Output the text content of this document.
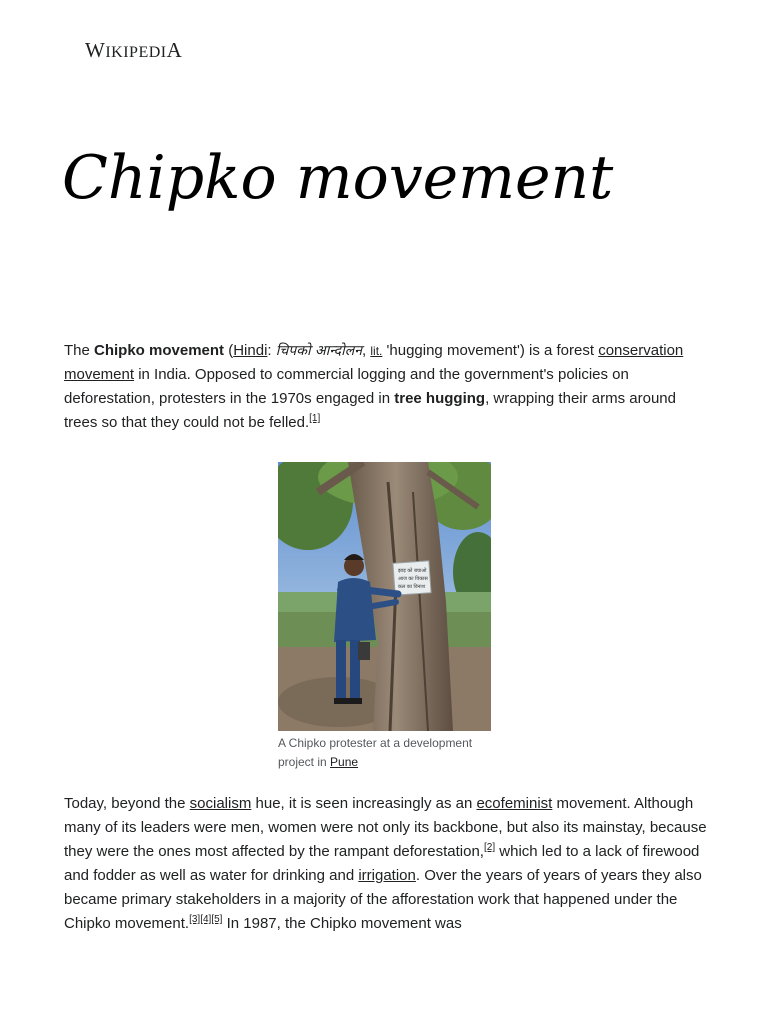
WIKIPEDIA
Chipko movement

The Chipko movement (Hindi: चिपको आन्दोलन, lit. 'hugging movement') is a forest conservation movement in India. Opposed to commercial logging and the government's policies on deforestation, protesters in the 1970s engaged in tree hugging, wrapping their arms around trees so that they could not be felled.[1]

झाड़ को बचाओ
आज का विकास
कल का विनाश
A Chipko protester at a development project in Pune

Today, beyond the socialism hue, it is seen increasingly as an ecofeminist movement. Although many of its leaders were men, women were not only its backbone, but also its mainstay, because they were the ones most affected by the rampant deforestation,[2] which led to a lack of firewood and fodder as well as water for drinking and irrigation. Over the years of years of years they also became primary stakeholders in a majority of the afforestation work that happened under the Chipko movement.[3][4][5] In 1987, the Chipko movement was
